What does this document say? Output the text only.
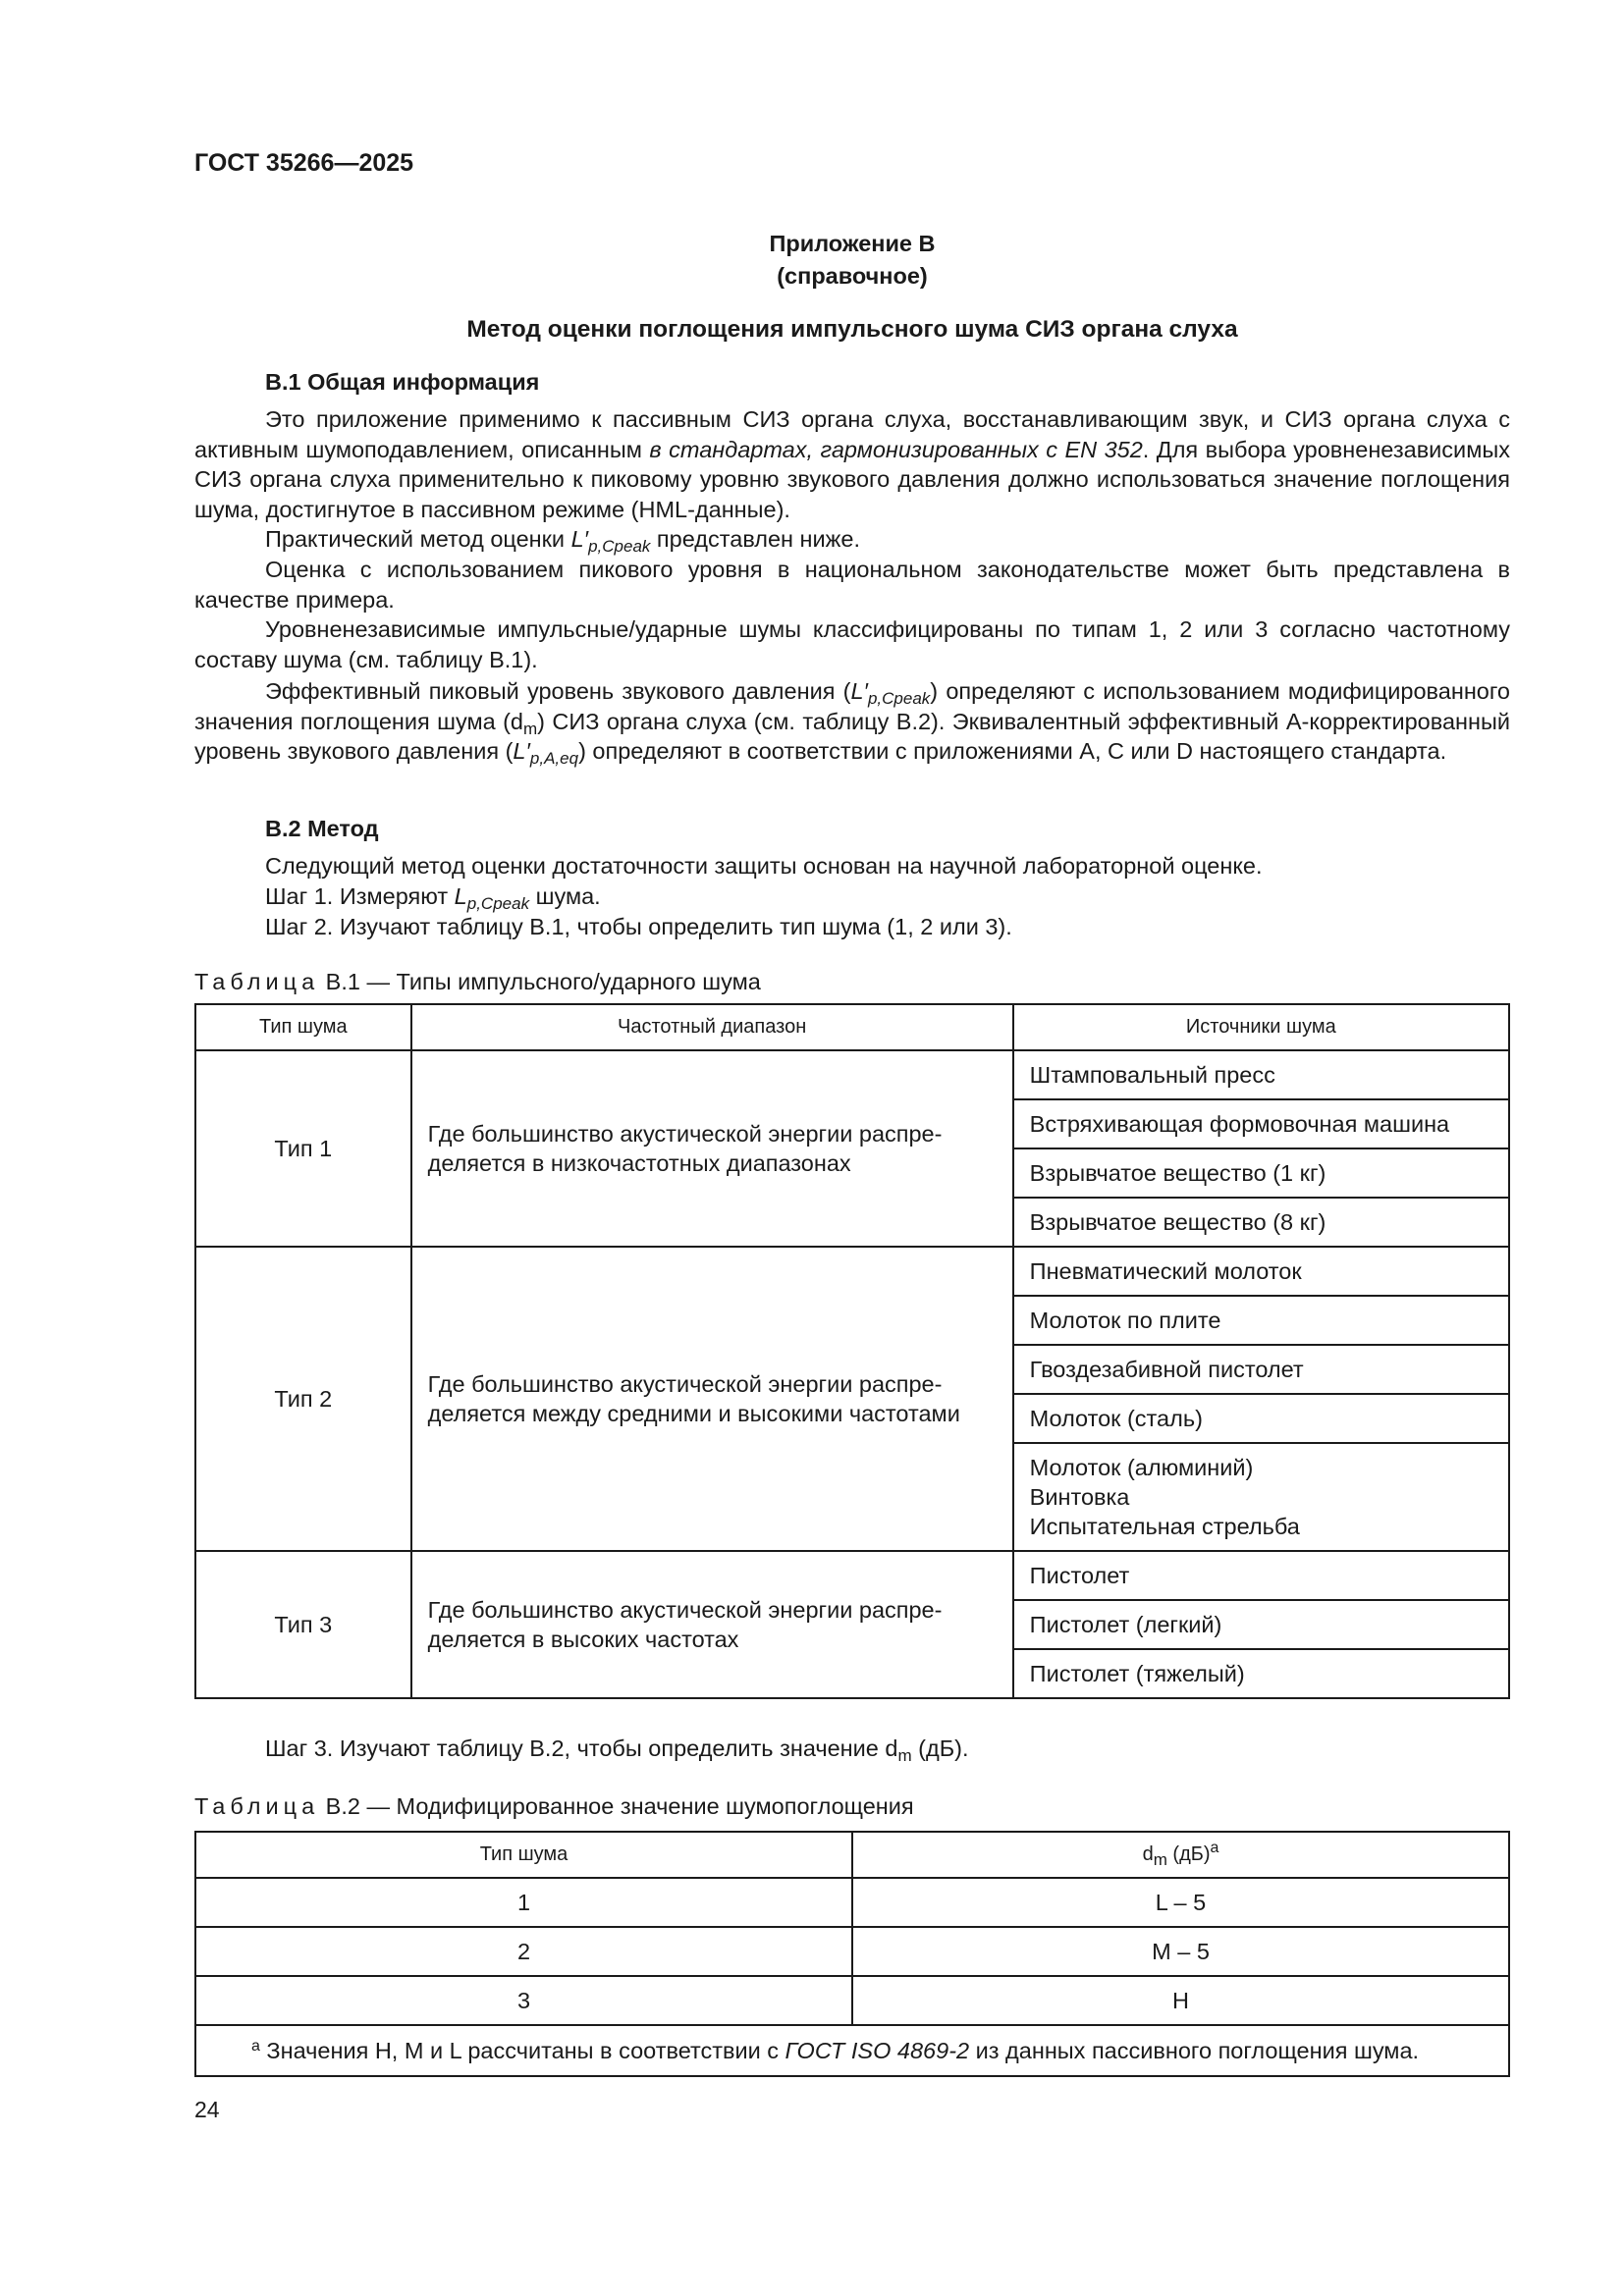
ГОСТ 35266—2025
Приложение В
(справочное)
Метод оценки поглощения импульсного шума СИЗ органа слуха
В.1 Общая информация
Это приложение применимо к пассивным СИЗ органа слуха, восстанавливающим звук, и СИЗ органа слуха с активным шумоподавлением, описанным в стандартах, гармонизированных с EN 352. Для выбора уровненезависимых СИЗ органа слуха применительно к пиковому уровню звукового давления должно использоваться значение поглощения шума, достигнутое в пассивном режиме (HML-данные).
Практический метод оценки $L'_{p,Cpeak}$ представлен ниже.
Оценка с использованием пикового уровня в национальном законодательстве может быть представлена в качестве примера.
Уровненезависимые импульсные/ударные шумы классифицированы по типам 1, 2 или 3 согласно частотному составу шума (см. таблицу В.1).
Эффективный пиковый уровень звукового давления $(L'_{p,Cpeak})$ определяют с использованием модифицированного значения поглощения шума $(d_m)$ СИЗ органа слуха (см. таблицу В.2). Эквивалентный эффективный А-корректированный уровень звукового давления $(L'_{p,A,eq})$ определяют в соответствии с приложениями А, С или D настоящего стандарта.
В.2 Метод
Следующий метод оценки достаточности защиты основан на научной лабораторной оценке.
Шаг 1. Измеряют $L_{p,Cpeak}$ шума.
Шаг 2. Изучают таблицу В.1, чтобы определить тип шума (1, 2 или 3).
Таблица В.1 — Типы импульсного/ударного шума
Тип шума	Частотный диапазон	Источники шума
Тип 1	Где большинство акустической энергии распределяется в низкочастотных диапазонах	Штамповальный пресс
		Встряхивающая формовочная машина
		Взрывчатое вещество (1 кг)
		Взрывчатое вещество (8 кг)
Тип 2	Где большинство акустической энергии распределяется между средними и высокими частотами	Пневматический молоток
		Молоток по плите
		Гвоздезабивной пистолет
		Молоток (сталь)

		Молоток (алюминий)
Винтовка
Испытательная стрельба

Тип 3	Где большинство акустической энергии распределяется в высоких частотах	Пистолет
		Пистолет (легкий)
		Пистолет (тяжелый)
Шаг 3. Изучают таблицу В.2, чтобы определить значение $d_m$ (дБ).
Таблица В.2 — Модифицированное значение шумопоглощения
Тип шума	$d_m$ (дБ)$^а$
1	L – 5
2	M – 5
3	H
$^а$ Значения H, M и L рассчитаны в соответствии с ГОСТ ISO 4869-2 из данных пассивного поглощения шума.	
24
